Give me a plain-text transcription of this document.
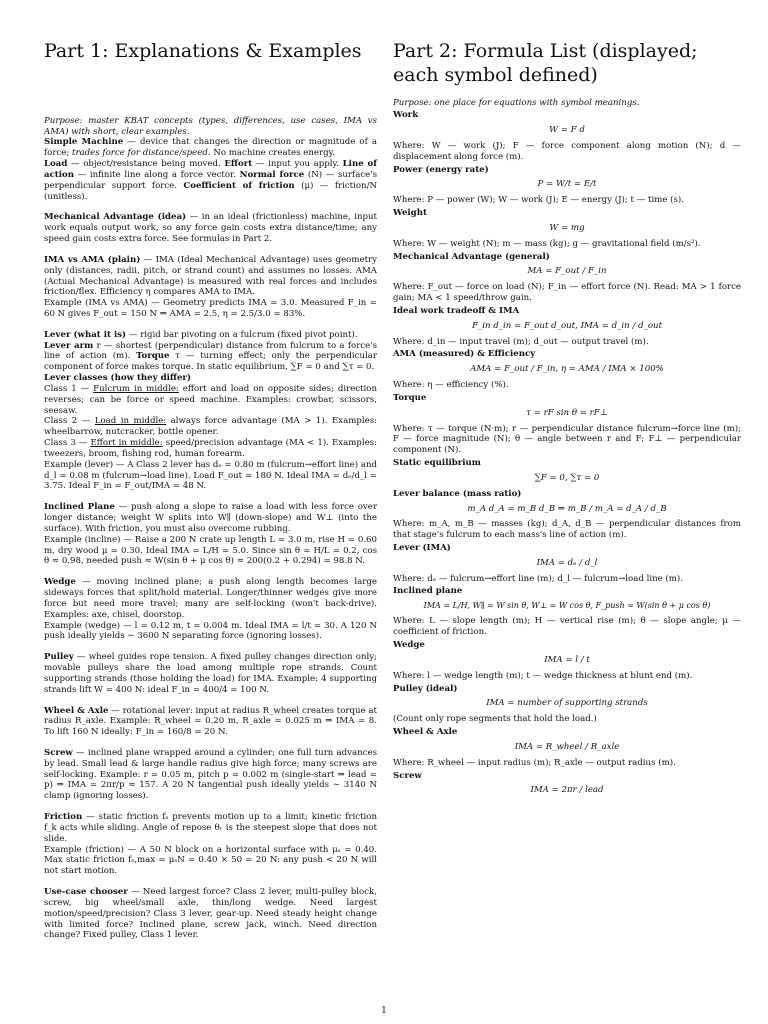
Part 1: Explanations & Examples

Purpose: master KBAT concepts (types, differences, use cases, IMA vs AMA) with short, clear examples.

Simple Machine — device that changes the direction or magnitude of a force; trades force for distance/speed. No machine creates energy.
Load — object/resistance being moved. Effort — input you apply. Line of action — infinite line along a force vector. Normal force (N) — surface's perpendicular support force. Coefficient of friction (μ) — friction/N (unitless).

Mechanical Advantage (idea) — in an ideal (frictionless) machine, input work equals output work, so any force gain costs extra distance/time; any speed gain costs extra force. See formulas in Part 2.

IMA vs AMA (plain) — IMA (Ideal Mechanical Advantage) uses geometry only (distances, radii, pitch, or strand count) and assumes no losses. AMA (Actual Mechanical Advantage) is measured with real forces and includes friction/flex. Efficiency η compares AMA to IMA.
Example (IMA vs AMA) — Geometry predicts IMA = 3.0. Measured F_in = 60 N gives F_out = 150 N ⇒ AMA = 2.5, η = 2.5/3.0 = 83%.

Lever (what it is) — rigid bar pivoting on a fulcrum (fixed pivot point).
Lever arm r — shortest (perpendicular) distance from fulcrum to a force's line of action (m). Torque τ — turning effect; only the perpendicular component of force makes torque. In static equilibrium, ∑F = 0 and ∑τ = 0.
Lever classes (how they differ)
Class 1 — Fulcrum in middle: effort and load on opposite sides; direction reverses; can be force or speed machine. Examples: crowbar, scissors, seesaw.
Class 2 — Load in middle: always force advantage (MA > 1). Examples: wheelbarrow, nutcracker, bottle opener.
Class 3 — Effort in middle: speed/precision advantage (MA < 1). Examples: tweezers, broom, fishing rod, human forearm.
Example (lever) — A Class 2 lever has dₑ = 0.80 m (fulcrum→effort line) and d_l = 0.08 m (fulcrum→load line). Load F_out = 180 N. Ideal IMA = dₑ/d_l = 3.75. Ideal F_in = F_out/IMA = 48 N.

Inclined Plane — push along a slope to raise a load with less force over longer distance; weight W splits into W∥ (down-slope) and W⊥ (into the surface). With friction, you must also overcome rubbing.
Example (incline) — Raise a 200 N crate up length L = 3.0 m, rise H = 0.60 m, dry wood μ = 0.30. Ideal IMA = L/H = 5.0. Since sin θ = H/L = 0.2, cos θ ≈ 0.98, needed push ≈ W(sin θ + μ cos θ) ≈ 200(0.2 + 0.294) = 98.8 N.

Wedge — moving inclined plane; a push along length becomes large sideways forces that split/hold material. Longer/thinner wedges give more force but need more travel; many are self-locking (won't back-drive). Examples: axe, chisel, doorstop.
Example (wedge) — l = 0.12 m, t = 0.004 m. Ideal IMA = l/t = 30. A 120 N push ideally yields ∼ 3600 N separating force (ignoring losses).

Pulley — wheel guides rope tension. A fixed pulley changes direction only; movable pulleys share the load among multiple rope strands. Count supporting strands (those holding the load) for IMA. Example: 4 supporting strands lift W = 400 N: ideal F_in = 400/4 = 100 N.

Wheel & Axle — rotational lever: input at radius R_wheel creates torque at radius R_axle. Example: R_wheel = 0.20 m, R_axle = 0.025 m ⇒ IMA = 8. To lift 160 N ideally: F_in = 160/8 = 20 N.

Screw — inclined plane wrapped around a cylinder; one full turn advances by lead. Small lead & large handle radius give high force; many screws are self-locking. Example: r = 0.05 m, pitch p = 0.002 m (single-start ⇒ lead = p) ⇒ IMA = 2πr/p ≈ 157. A 20 N tangential push ideally yields ∼ 3140 N clamp (ignoring losses).

Friction — static friction fₛ prevents motion up to a limit; kinetic friction f_k acts while sliding. Angle of repose θᵣ is the steepest slope that does not slide.
Example (friction) — A 50 N block on a horizontal surface with μₛ = 0.40. Max static friction fₛ,max = μₛN = 0.40 × 50 = 20 N: any push < 20 N will not start motion.

Use-case chooser — Need largest force? Class 2 lever, multi-pulley block, screw, big wheel/small axle, thin/long wedge. Need largest motion/speed/precision? Class 3 lever, gear-up. Need steady height change with limited force? Inclined plane, screw jack, winch. Need direction change? Fixed pulley, Class 1 lever.

Part 2: Formula List (displayed; each symbol defined)

Purpose: one place for equations with symbol meanings.

Work
W = F d

Where: W — work (J); F — force component along motion (N); d — displacement along force (m).

Power (energy rate)
P = W/t = E/t

Where: P — power (W); W — work (J); E — energy (J); t — time (s).

Weight
W = mg

Where: W — weight (N); m — mass (kg); g — gravitational field (m/s²).

Mechanical Advantage (general)
MA = F_out / F_in

Where: F_out — force on load (N); F_in — effort force (N). Read: MA > 1 force gain; MA < 1 speed/throw gain.

Ideal work tradeoff & IMA
F_in d_in = F_out d_out, IMA = d_in / d_out

Where: d_in — input travel (m); d_out — output travel (m).

AMA (measured) & Efficiency
AMA = F_out / F_in, η = AMA / IMA × 100%

Where: η — efficiency (%).

Torque
τ = rF sin θ = rF⊥

Where: τ — torque (N·m); r — perpendicular distance fulcrum→force line (m); F — force magnitude (N); θ — angle between r and F; F⊥ — perpendicular component (N).

Static equilibrium
∑F = 0, ∑τ = 0
Lever balance (mass ratio)
m_A d_A = m_B d_B ⇒ m_B / m_A = d_A / d_B

Where: m_A, m_B — masses (kg); d_A, d_B — perpendicular distances from that stage's fulcrum to each mass's line of action (m).

Lever (IMA)
IMA = dₑ / d_l

Where: dₑ — fulcrum→effort line (m); d_l — fulcrum→load line (m).

Inclined plane
IMA = L/H, W∥ = W sin θ, W⊥ = W cos θ, F_push ≈ W(sin θ + μ cos θ)

Where: L — slope length (m); H — vertical rise (m); θ — slope angle; μ — coefficient of friction.

Wedge
IMA = l / t

Where: l — wedge length (m); t — wedge thickness at blunt end (m).

Pulley (ideal)
IMA = number of supporting strands

(Count only rope segments that hold the load.)

Wheel & Axle
IMA = R_wheel / R_axle

Where: R_wheel — input radius (m); R_axle — output radius (m).

Screw
IMA = 2πr / lead
1
